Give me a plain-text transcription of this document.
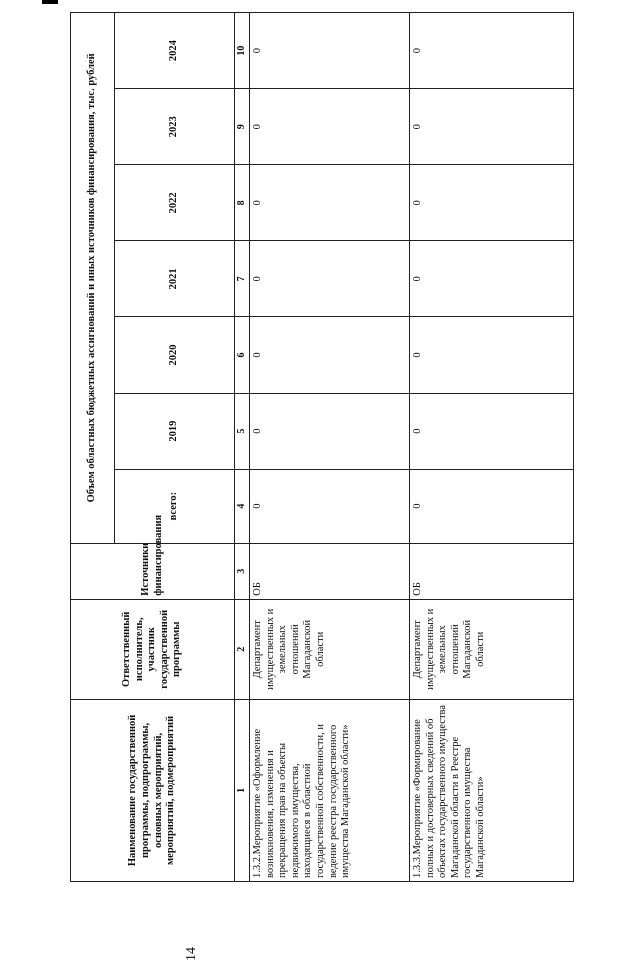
14
Наименование государственной программы, подпрограммы, основных мероприятий, мероприятий, подмероприятий	Ответственный исполнитель, участник государственной программы	Источники финансирования	Объем областных бюджетных ассигнований и иных источников финансирования, тыс. рублей						
			всего:	2019	2020	2021	2022	2023	2024
1	2	3	4	5	6	7	8	9	10
1.3.2.Мероприятие «Оформление возникновения, изменения и прекращения прав на объекты недвижимого имущества, находящиеся в областной государственной собственности, и ведение реестра государственного имущества Магаданской области»	Департамент имущественных и земельных отношений Магаданской области	ОБ	0	0	0	0	0	0	0
1.3.3.Мероприятие «Формирование полных и достоверных сведений об объектах государственного имущества Магаданской области в Реестре государственного имущества Магаданской области»	Департамент имущественных и земельных отношений Магаданской области	ОБ	0	0	0	0	0	0	0
